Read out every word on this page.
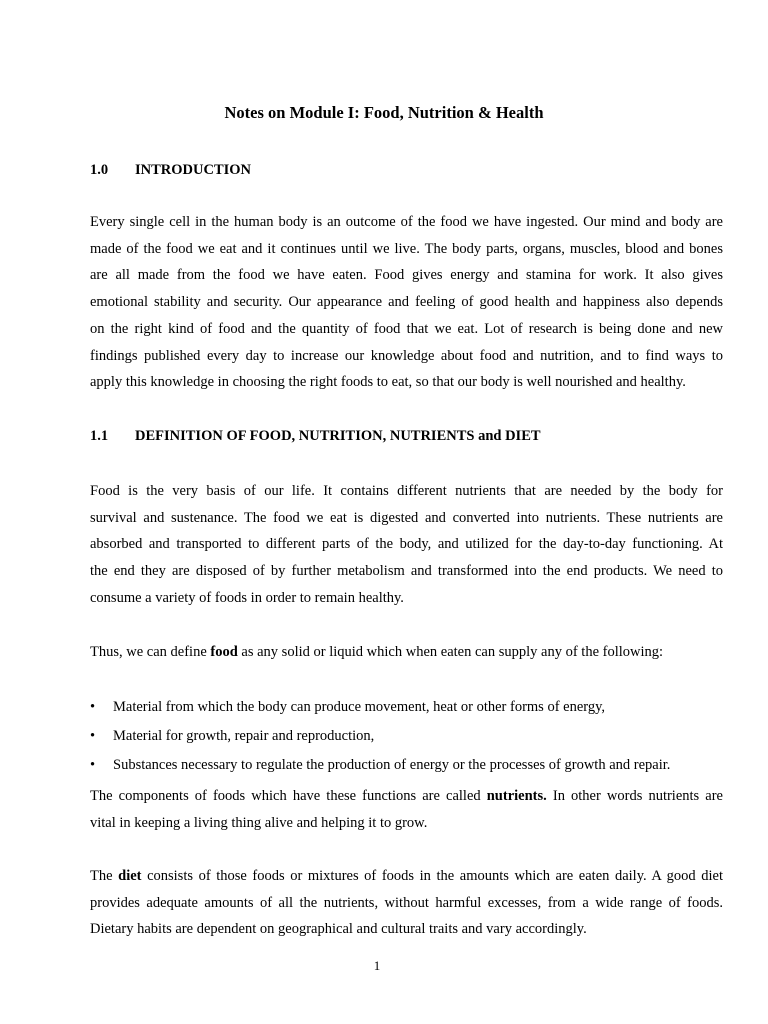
Notes on Module I: Food, Nutrition & Health
1.0 INTRODUCTION
Every single cell in the human body is an outcome of the food we have ingested. Our mind and body are
made of the food we eat and it continues until we live. The body parts, organs, muscles, blood and bones
are all made from the food we have eaten. Food gives energy and stamina for work. It also gives
emotional stability and security. Our appearance and feeling of good health and happiness also depends
on the right kind of food and the quantity of food that we eat. Lot of research is being done and new
findings published every day to increase our knowledge about food and nutrition, and to find ways to
apply this knowledge in choosing the right foods to eat, so that our body is well nourished and healthy.
1.1 DEFINITION OF FOOD, NUTRITION, NUTRIENTS and DIET
Food is the very basis of our life. It contains different nutrients that are needed by the body for
survival and sustenance. The food we eat is digested and converted into nutrients. These nutrients are
absorbed and transported to different parts of the body, and utilized for the day-to-day functioning. At
the end they are disposed of by further metabolism and transformed into the end products. We need to
consume a variety of foods in order to remain healthy.
Thus, we can define food as any solid or liquid which when eaten can supply any of the following:
• Material from which the body can produce movement, heat or other forms of energy,
• Material for growth, repair and reproduction,
• Substances necessary to regulate the production of energy or the processes of growth and repair.
The components of foods which have these functions are called nutrients. In other words nutrients are
vital in keeping a living thing alive and helping it to grow.
The diet consists of those foods or mixtures of foods in the amounts which are eaten daily. A good diet
provides adequate amounts of all the nutrients, without harmful excesses, from a wide range of foods.
Dietary habits are dependent on geographical and cultural traits and vary accordingly.
1
